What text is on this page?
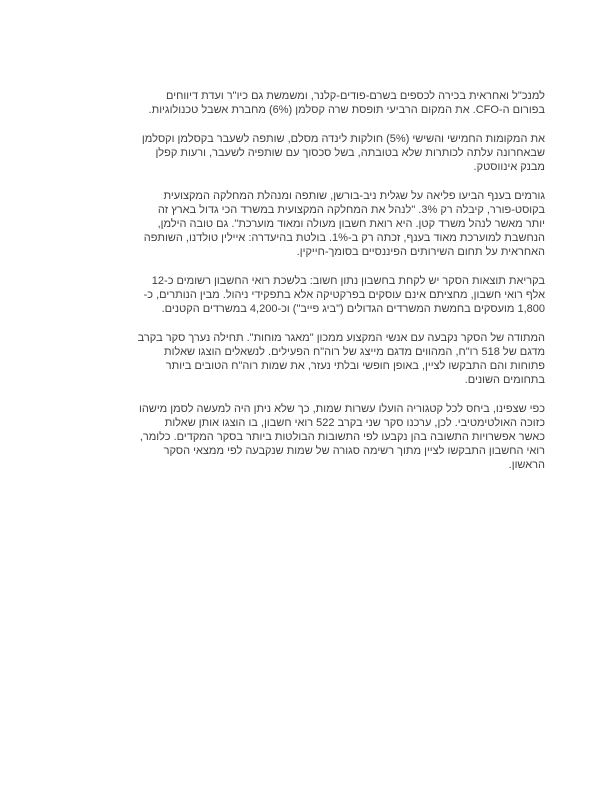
למנכ"ל ואחראית בכירה לכספים בשרם-פודים-קלנר, ומשמשת גם כיו"ר ועדת דיווחים
בפורום ה-CFO. את המקום הרביעי תופסת שרה קסלמן (6%) מחברת אשבל טכנולוגיות.
את המקומות החמישי והשישי (5%) חולקות לינדה מסלם, שותפה לשעבר בקסלמן וקסלמן
שבאחרונה עלתה לכותרות שלא בטובתה, בשל סכסוך עם שותפיה לשעבר, ורעות קפלן
מבנק אינווסטק.
גורמים בענף הביעו פליאה על שגלית ניב-בורשן, שותפה ומנהלת המחלקה המקצועית
בקוסט-פורר, קיבלה רק 3%. "לנהל את המחלקה המקצועית במשרד הכי גדול בארץ זה
יותר מאשר לנהל משרד קטן. היא רואת חשבון מעולה ומאוד מוערכת". גם טובה הילמן,
הנחשבת למוערכת מאוד בענף, זכתה רק ב-1%. בולטת בהיעדרה: איילין טולדנו, השותפה
האחראית על תחום השירותים הפיננסיים בסומך-חייקין.
בקריאת תוצאות הסקר יש לקחת בחשבון נתון חשוב: בלשכת רואי החשבון רשומים כ-12
אלף רואי חשבון, מחציתם אינם עוסקים בפרקטיקה אלא בתפקידי ניהול. מבין הנותרים, כ-
1,800 מועסקים בחמשת המשרדים הגדולים ("ביג פייב") וכ-4,200 במשרדים הקטנים.
המתודה של הסקר נקבעה עם אנשי המקצוע ממכון "מאגר מוחות". תחילה נערך סקר בקרב
מדגם של 518 רו"ח, המהווים מדגם מייצג של רוה"ח הפעילים. לנשאלים הוצגו שאלות
פתוחות והם התבקשו לציין, באופן חופשי ובלתי נעזר, את שמות רוה"ח הטובים ביותר
בתחומים השונים.
כפי שצפינו, ביחס לכל קטגוריה הועלו עשרות שמות, כך שלא ניתן היה למעשה לסמן מישהו
כזוכה האולטימטיבי. לכן, ערכנו סקר שני בקרב 522 רואי חשבון, בו הוצגו אותן שאלות
כאשר אפשרויות התשובה בהן נקבעו לפי התשובות הבולטות ביותר בסקר המקדים. כלומר,
רואי החשבון התבקשו לציין מתוך רשימה סגורה של שמות שנקבעה לפי ממצאי הסקר
הראשון.
